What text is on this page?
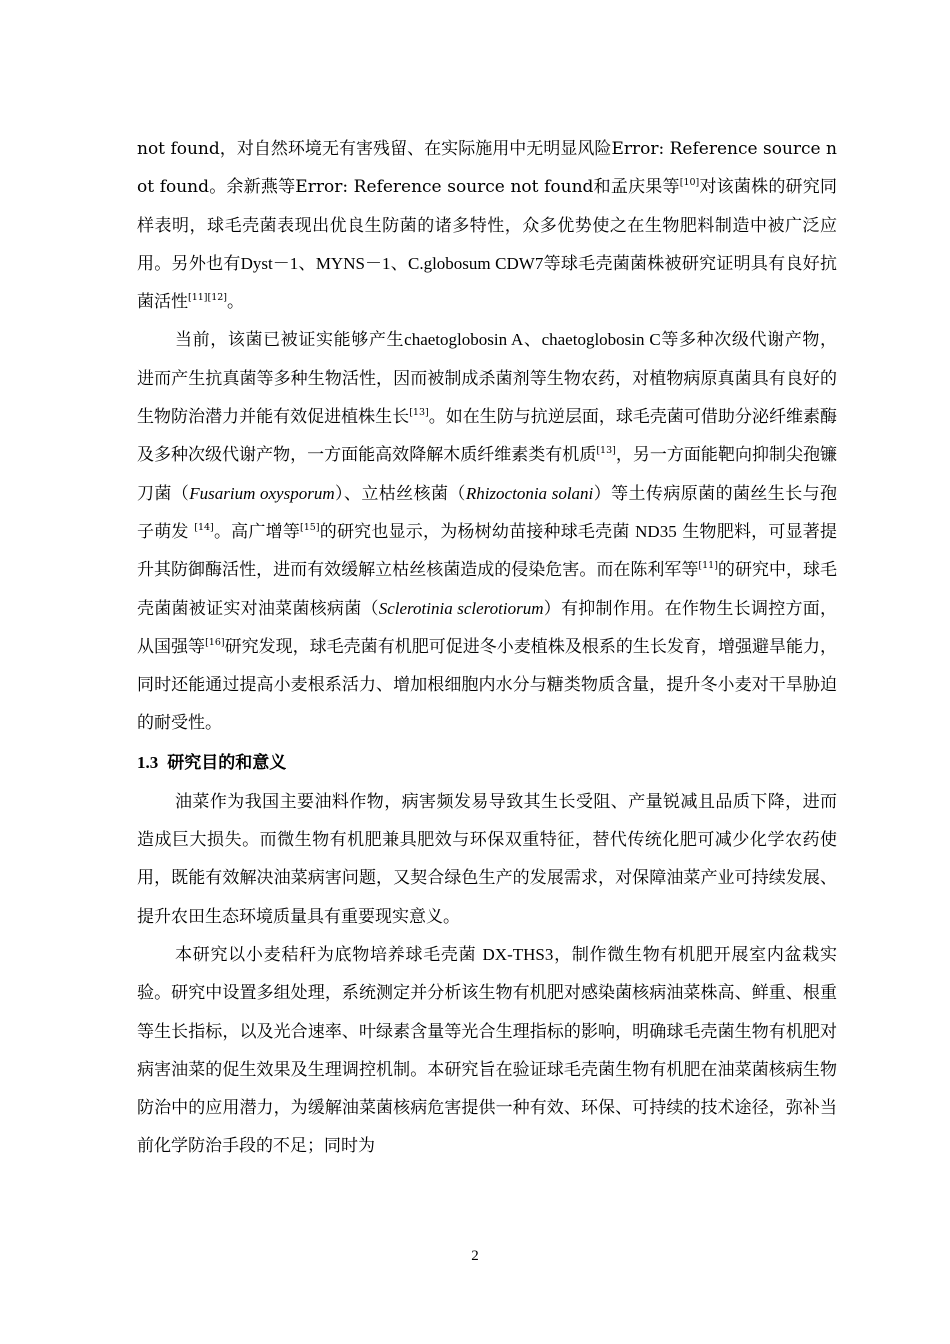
not found，对自然环境无有害残留、在实际施用中无明显风险Error: Reference source not found。余新燕等Error: Reference source not found和孟庆果等[10]对该菌株的研究同样表明，球毛壳菌表现出优良生防菌的诸多特性，众多优势使之在生物肥料制造中被广泛应用。另外也有Dyst－1、MYNS－1、C.globosum CDW7等球毛壳菌菌株被研究证明具有良好抗菌活性[11][12]。

当前，该菌已被证实能够产生chaetoglobosin A、chaetoglobosin C等多种次级代谢产物，进而产生抗真菌等多种生物活性，因而被制成杀菌剂等生物农药，对植物病原真菌具有良好的生物防治潜力并能有效促进植株生长[13]。如在生防与抗逆层面，球毛壳菌可借助分泌纤维素酶及多种次级代谢产物，一方面能高效降解木质纤维素类有机质[13]，另一方面能靶向抑制尖孢镰刀菌（Fusarium oxysporum）、立枯丝核菌（Rhizoctonia solani）等土传病原菌的菌丝生长与孢子萌发 [14]。高广增等[15]的研究也显示，为杨树幼苗接种球毛壳菌 ND35 生物肥料，可显著提升其防御酶活性，进而有效缓解立枯丝核菌造成的侵染危害。而在陈利军等[11]的研究中，球毛壳菌菌被证实对油菜菌核病菌（Sclerotinia sclerotiorum）有抑制作用。在作物生长调控方面，从国强等[16]研究发现，球毛壳菌有机肥可促进冬小麦植株及根系的生长发育，增强避旱能力，同时还能通过提高小麦根系活力、增加根细胞内水分与糖类物质含量，提升冬小麦对干旱胁迫的耐受性。

1.3 研究目的和意义

油菜作为我国主要油料作物，病害频发易导致其生长受阻、产量锐减且品质下降，进而造成巨大损失。而微生物有机肥兼具肥效与环保双重特征，替代传统化肥可减少化学农药使用，既能有效解决油菜病害问题，又契合绿色生产的发展需求，对保障油菜产业可持续发展、提升农田生态环境质量具有重要现实意义。

本研究以小麦秸秆为底物培养球毛壳菌 DX-THS3，制作微生物有机肥开展室内盆栽实验。研究中设置多组处理，系统测定并分析该生物有机肥对感染菌核病油菜株高、鲜重、根重等生长指标，以及光合速率、叶绿素含量等光合生理指标的影响，明确球毛壳菌生物有机肥对病害油菜的促生效果及生理调控机制。本研究旨在验证球毛壳菌生物有机肥在油菜菌核病生物防治中的应用潜力，为缓解油菜菌核病危害提供一种有效、环保、可持续的技术途径，弥补当前化学防治手段的不足；同时为

2
